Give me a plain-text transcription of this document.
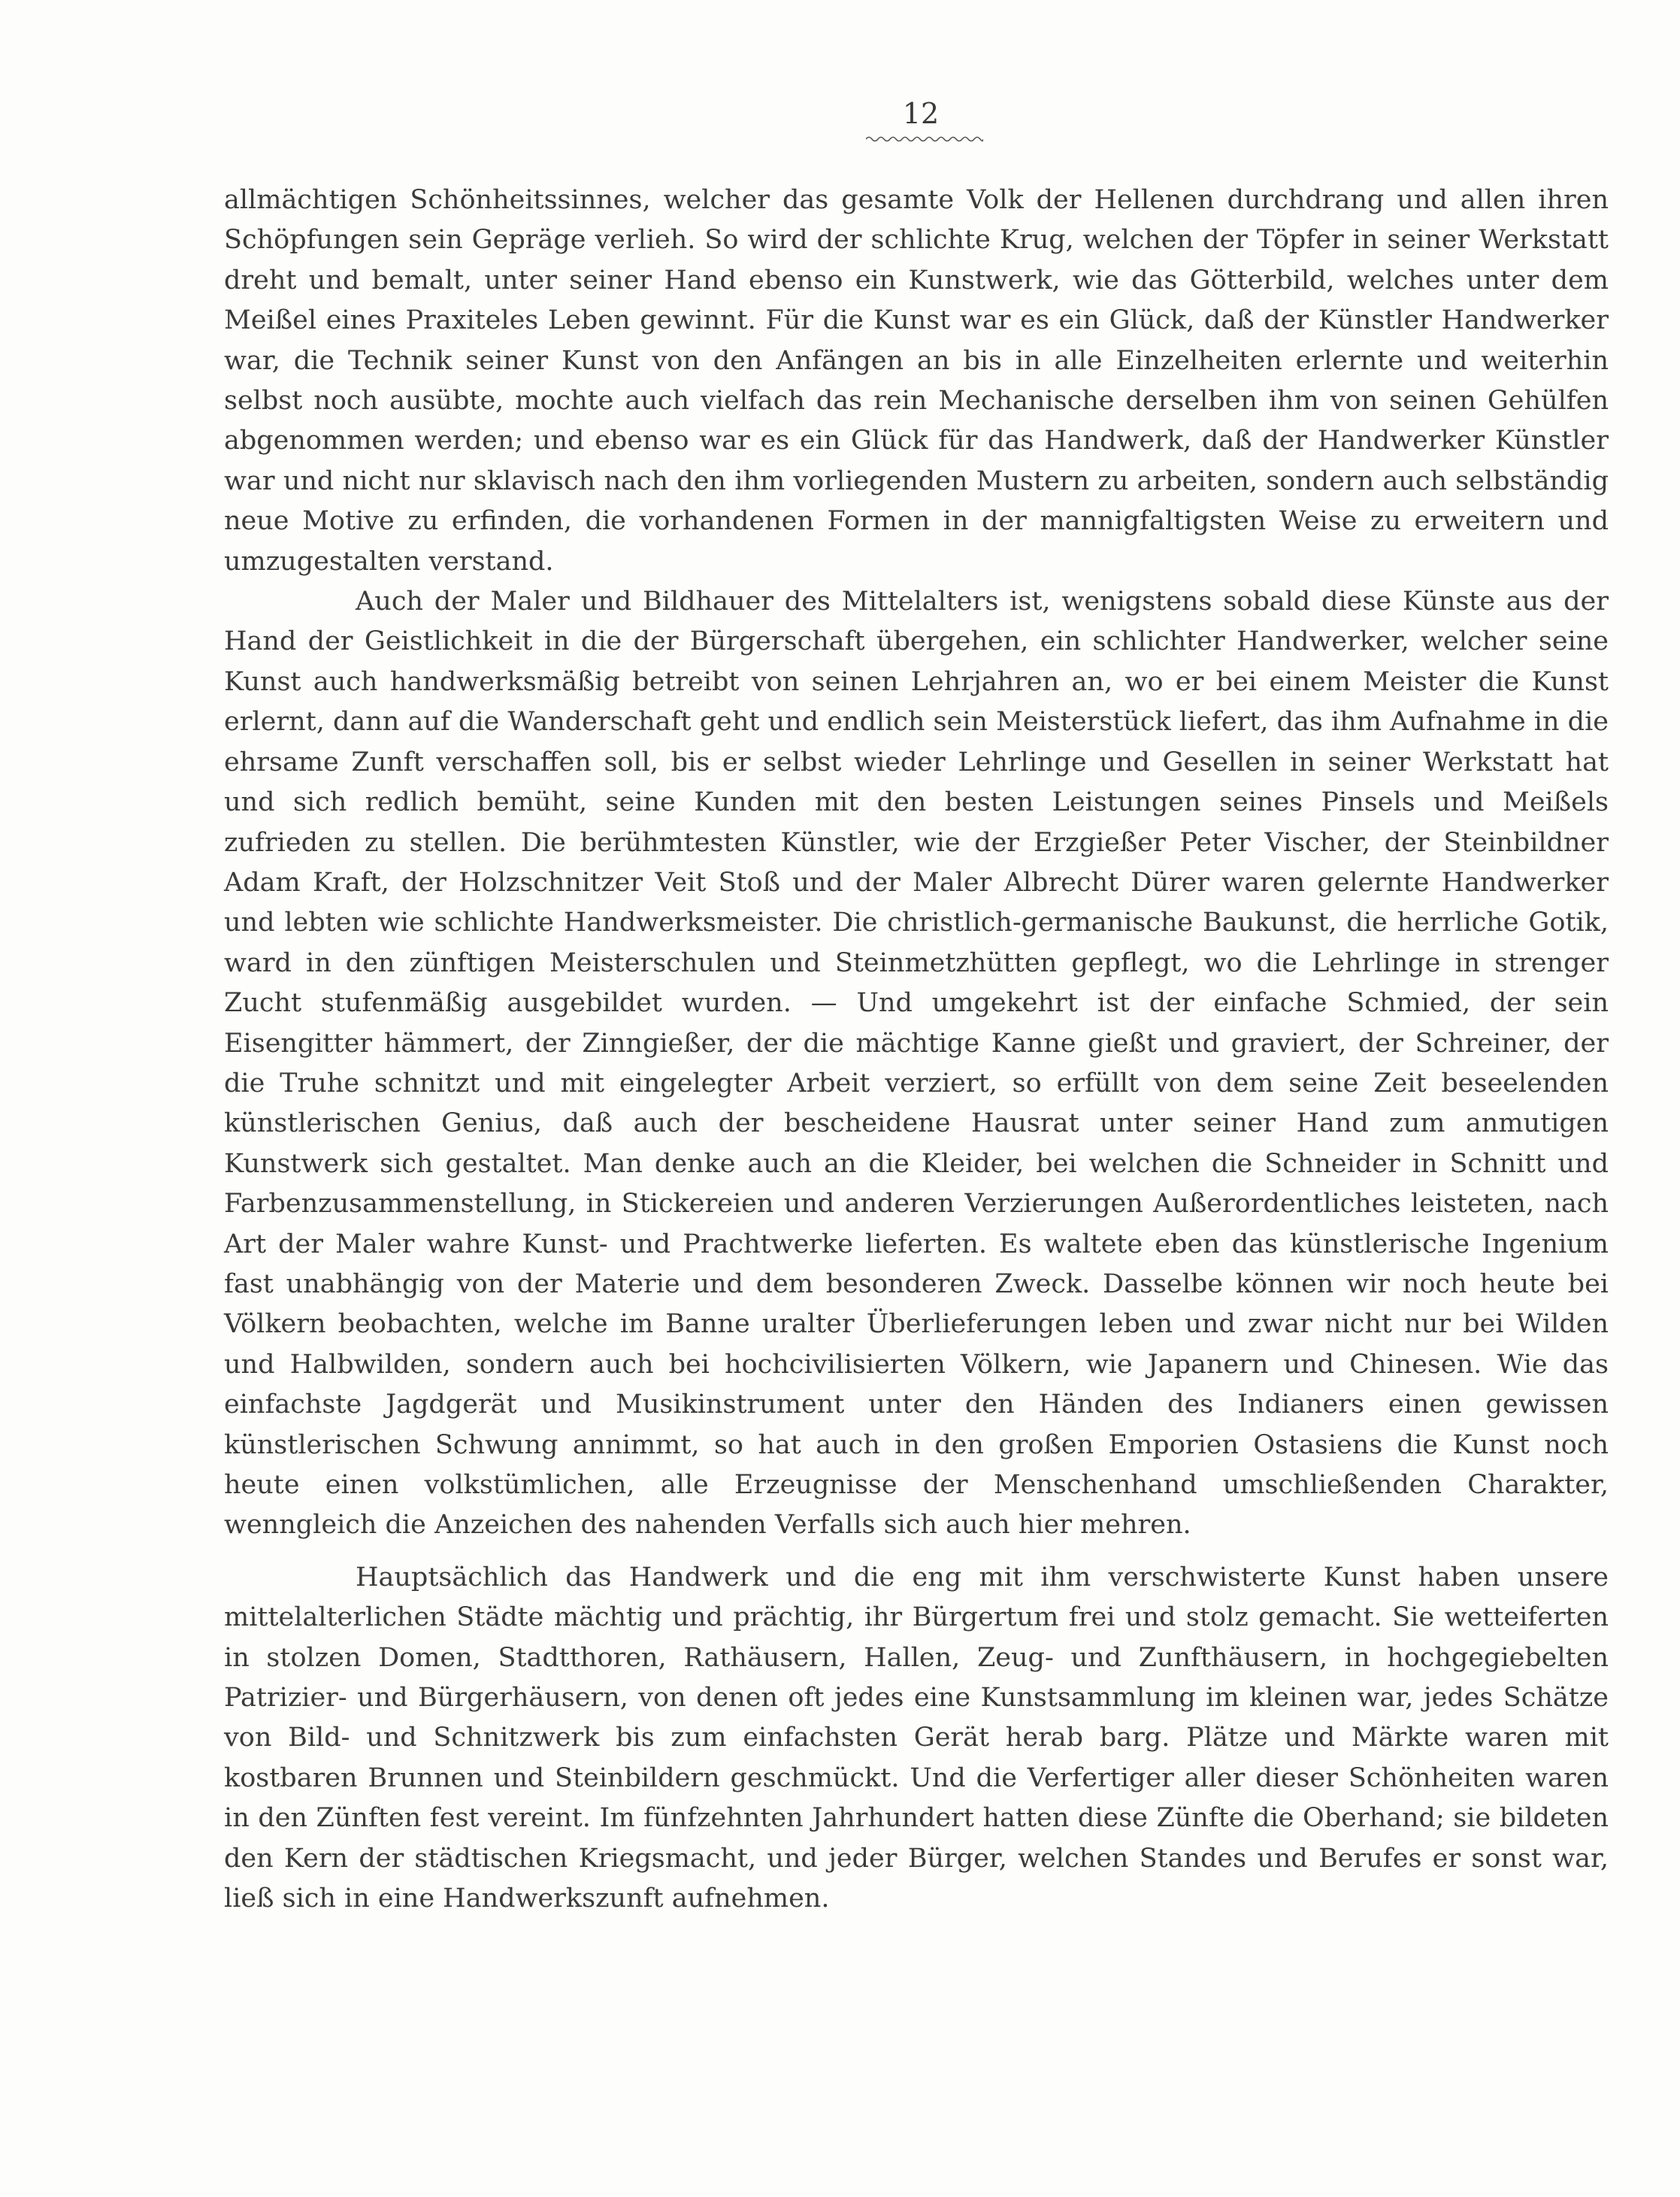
12

allmächtigen Schönheitssinnes, welcher das gesamte Volk der Hellenen durchdrang und allen ihren Schöpfungen sein Gepräge verlieh. So wird der schlichte Krug, welchen der Töpfer in seiner Werkstatt dreht und bemalt, unter seiner Hand ebenso ein Kunstwerk, wie das Götterbild, welches unter dem Meißel eines Praxiteles Leben gewinnt. Für die Kunst war es ein Glück, daß der Künstler Handwerker war, die Technik seiner Kunst von den Anfängen an bis in alle Einzelheiten erlernte und weiterhin selbst noch ausübte, mochte auch vielfach das rein Mechanische derselben ihm von seinen Gehülfen abgenommen werden; und ebenso war es ein Glück für das Handwerk, daß der Handwerker Künstler war und nicht nur sklavisch nach den ihm vorliegenden Mustern zu arbeiten, sondern auch selbständig neue Motive zu erfinden, die vorhandenen Formen in der mannigfaltigsten Weise zu erweitern und umzugestalten verstand.

Auch der Maler und Bildhauer des Mittelalters ist, wenigstens sobald diese Künste aus der Hand der Geistlichkeit in die der Bürgerschaft übergehen, ein schlichter Handwerker, welcher seine Kunst auch handwerksmäßig betreibt von seinen Lehrjahren an, wo er bei einem Meister die Kunst erlernt, dann auf die Wanderschaft geht und endlich sein Meisterstück liefert, das ihm Aufnahme in die ehrsame Zunft verschaffen soll, bis er selbst wieder Lehrlinge und Gesellen in seiner Werkstatt hat und sich redlich bemüht, seine Kunden mit den besten Leistungen seines Pinsels und Meißels zufrieden zu stellen. Die berühmtesten Künstler, wie der Erzgießer Peter Vischer, der Steinbildner Adam Kraft, der Holzschnitzer Veit Stoß und der Maler Albrecht Dürer waren gelernte Handwerker und lebten wie schlichte Handwerksmeister. Die christlich-germanische Baukunst, die herrliche Gotik, ward in den zünftigen Meisterschulen und Steinmetzhütten gepflegt, wo die Lehrlinge in strenger Zucht stufenmäßig ausgebildet wurden. — Und umgekehrt ist der einfache Schmied, der sein Eisengitter hämmert, der Zinngießer, der die mächtige Kanne gießt und graviert, der Schreiner, der die Truhe schnitzt und mit eingelegter Arbeit verziert, so erfüllt von dem seine Zeit beseelenden künstlerischen Genius, daß auch der bescheidene Hausrat unter seiner Hand zum anmutigen Kunstwerk sich gestaltet. Man denke auch an die Kleider, bei welchen die Schneider in Schnitt und Farbenzusammenstellung, in Stickereien und anderen Verzierungen Außerordentliches leisteten, nach Art der Maler wahre Kunst- und Prachtwerke lieferten. Es waltete eben das künstlerische Ingenium fast unabhängig von der Materie und dem besonderen Zweck. Dasselbe können wir noch heute bei Völkern beobachten, welche im Banne uralter Überlieferungen leben und zwar nicht nur bei Wilden und Halbwilden, sondern auch bei hochcivilisierten Völkern, wie Japanern und Chinesen. Wie das einfachste Jagdgerät und Musikinstrument unter den Händen des Indianers einen gewissen künstlerischen Schwung annimmt, so hat auch in den großen Emporien Ostasiens die Kunst noch heute einen volkstümlichen, alle Erzeugnisse der Menschenhand umschließenden Charakter, wenngleich die Anzeichen des nahenden Verfalls sich auch hier mehren.

Hauptsächlich das Handwerk und die eng mit ihm verschwisterte Kunst haben unsere mittelalterlichen Städte mächtig und prächtig, ihr Bürgertum frei und stolz gemacht. Sie wetteiferten in stolzen Domen, Stadtthoren, Rathäusern, Hallen, Zeug- und Zunfthäusern, in hochgegiebelten Patrizier- und Bürgerhäusern, von denen oft jedes eine Kunstsammlung im kleinen war, jedes Schätze von Bild- und Schnitzwerk bis zum einfachsten Gerät herab barg. Plätze und Märkte waren mit kostbaren Brunnen und Steinbildern geschmückt. Und die Verfertiger aller dieser Schönheiten waren in den Zünften fest vereint. Im fünfzehnten Jahrhundert hatten diese Zünfte die Oberhand; sie bildeten den Kern der städtischen Kriegsmacht, und jeder Bürger, welchen Standes und Berufes er sonst war, ließ sich in eine Handwerkszunft aufnehmen.
